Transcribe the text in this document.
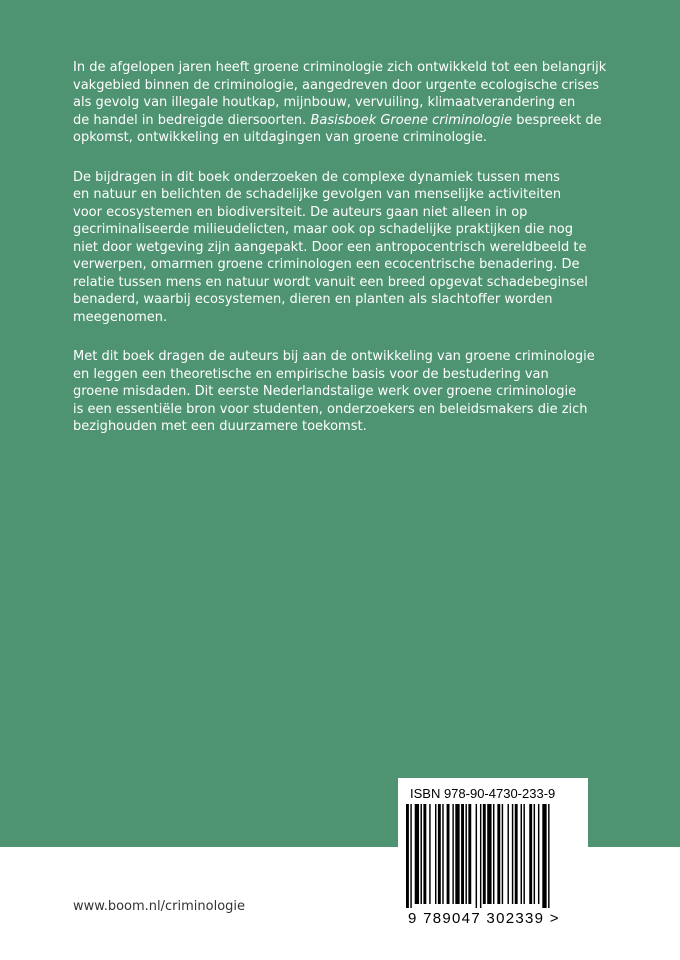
In de afgelopen jaren heeft groene criminologie zich ontwikkeld tot een belangrijk
vakgebied binnen de criminologie, aangedreven door urgente ecologische crises
als gevolg van illegale houtkap, mijnbouw, vervuiling, klimaatverandering en
de handel in bedreigde diersoorten. Basisboek Groene criminologie bespreekt de
opkomst, ontwikkeling en uitdagingen van groene criminologie.

De bijdragen in dit boek onderzoeken de complexe dynamiek tussen mens
en natuur en belichten de schadelijke gevolgen van menselijke activiteiten
voor ecosystemen en biodiversiteit. De auteurs gaan niet alleen in op
gecriminaliseerde milieudelicten, maar ook op schadelijke praktijken die nog
niet door wetgeving zijn aangepakt. Door een antropocentrisch wereldbeeld te
verwerpen, omarmen groene criminologen een ecocentrische benadering. De
relatie tussen mens en natuur wordt vanuit een breed opgevat schadebeginsel
benaderd, waarbij ecosystemen, dieren en planten als slachtoffer worden
meegenomen.

Met dit boek dragen de auteurs bij aan de ontwikkeling van groene criminologie
en leggen een theoretische en empirische basis voor de bestudering van
groene misdaden. Dit eerste Nederlandstalige werk over groene criminologie
is een essentiële bron voor studenten, onderzoekers en beleidsmakers die zich
bezighouden met een duurzamere toekomst.

ISBN 978-90-4730-233-9
9 789047 302339 >
www.boom.nl/criminologie
